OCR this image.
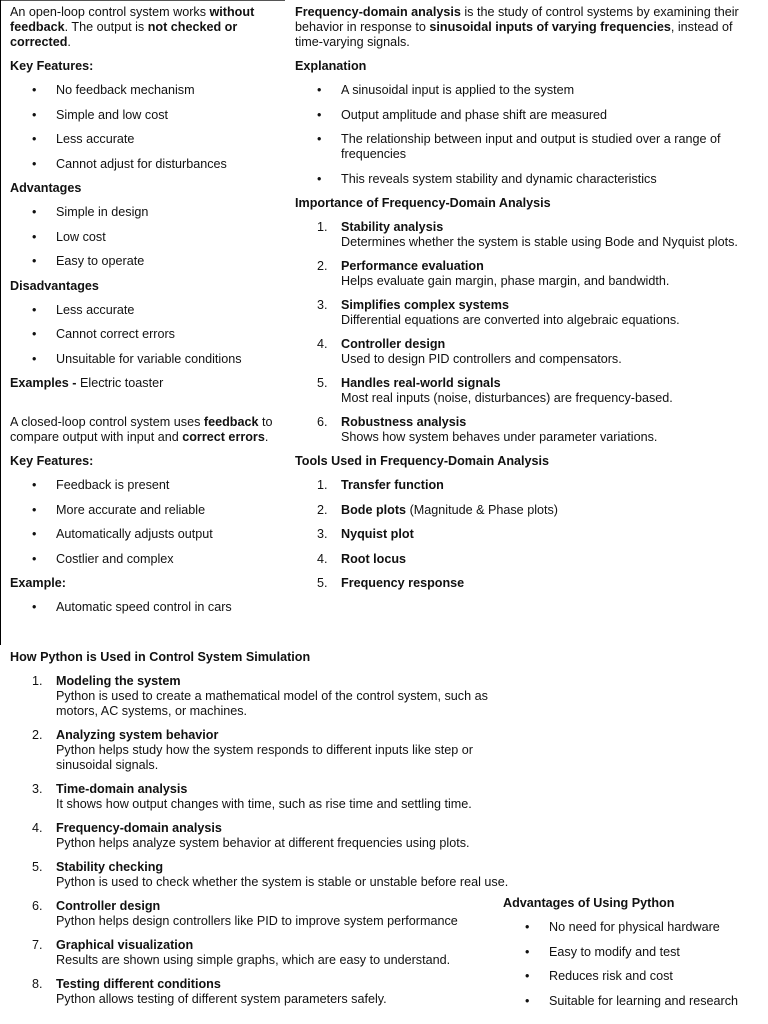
An open-loop control system works without feedback. The output is not checked or corrected.

Key Features:

• No feedback mechanism
• Simple and low cost
• Less accurate
• Cannot adjust for disturbances

Advantages

• Simple in design
• Low cost
• Easy to operate

Disadvantages

• Less accurate
• Cannot correct errors
• Unsuitable for variable conditions

Examples - Electric toaster

A closed-loop control system uses feedback to compare output with input and correct errors.

Key Features:

• Feedback is present
• More accurate and reliable
• Automatically adjusts output
• Costlier and complex

Example:

• Automatic speed control in cars

Frequency-domain analysis is the study of control systems by examining their behavior in response to sinusoidal inputs of varying frequencies, instead of time-varying signals.

Explanation

• A sinusoidal input is applied to the system
• Output amplitude and phase shift are measured
• The relationship between input and output is studied over a range of frequencies
• This reveals system stability and dynamic characteristics

Importance of Frequency-Domain Analysis

1. Stability analysis
Determines whether the system is stable using Bode and Nyquist plots.
2. Performance evaluation
Helps evaluate gain margin, phase margin, and bandwidth.
3. Simplifies complex systems
Differential equations are converted into algebraic equations.
4. Controller design
Used to design PID controllers and compensators.
5. Handles real-world signals
Most real inputs (noise, disturbances) are frequency-based.
6. Robustness analysis
Shows how system behaves under parameter variations.

Tools Used in Frequency-Domain Analysis

1. Transfer function
2. Bode plots (Magnitude & Phase plots)
3. Nyquist plot
4. Root locus
5. Frequency response

How Python is Used in Control System Simulation

1. Modeling the system
Python is used to create a mathematical model of the control system, such as motors, AC systems, or machines.
2. Analyzing system behavior
Python helps study how the system responds to different inputs like step or sinusoidal signals.
3. Time-domain analysis
It shows how output changes with time, such as rise time and settling time.
4. Frequency-domain analysis
Python helps analyze system behavior at different frequencies using plots.
5. Stability checking
Python is used to check whether the system is stable or unstable before real use.
6. Controller design
Python helps design controllers like PID to improve system performance
7. Graphical visualization
Results are shown using simple graphs, which are easy to understand.
8. Testing different conditions
Python allows testing of different system parameters safely.

Advantages of Using Python

• No need for physical hardware
• Easy to modify and test
• Reduces risk and cost
• Suitable for learning and research
